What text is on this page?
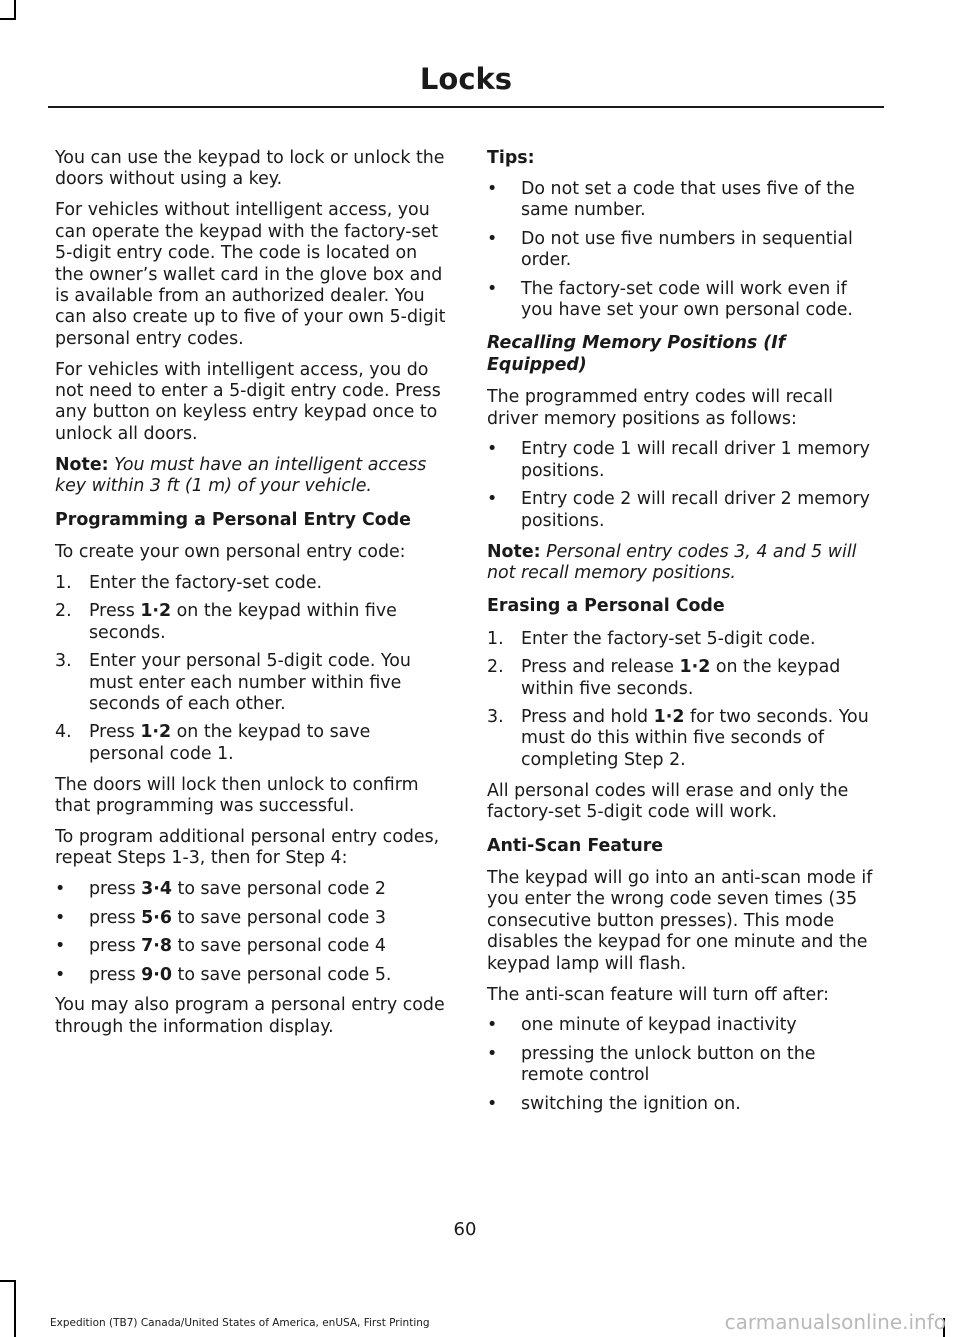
Locks

You can use the keypad to lock or unlock the doors without using a key.

For vehicles without intelligent access, you can operate the keypad with the factory-set 5-digit entry code. The code is located on the owner’s wallet card in the glove box and is available from an authorized dealer. You can also create up to five of your own 5-digit personal entry codes.

For vehicles with intelligent access, you do not need to enter a 5-digit entry code. Press any button on keyless entry keypad once to unlock all doors.

Note: You must have an intelligent access key within 3 ft (1 m) of your vehicle.

Programming a Personal Entry Code

To create your own personal entry code:

1. Enter the factory-set code.
2. Press 1·2 on the keypad within five seconds.
3. Enter your personal 5-digit code. You must enter each number within five seconds of each other.
4. Press 1·2 on the keypad to save personal code 1.

The doors will lock then unlock to confirm that programming was successful.

To program additional personal entry codes, repeat Steps 1-3, then for Step 4:

• press 3·4 to save personal code 2
• press 5·6 to save personal code 3
• press 7·8 to save personal code 4
• press 9·0 to save personal code 5.

You may also program a personal entry code through the information display.

Tips:

• Do not set a code that uses five of the same number.
• Do not use five numbers in sequential order.
• The factory-set code will work even if you have set your own personal code.
Recalling Memory Positions (If Equipped)

The programmed entry codes will recall driver memory positions as follows:

• Entry code 1 will recall driver 1 memory positions.
• Entry code 2 will recall driver 2 memory positions.

Note: Personal entry codes 3, 4 and 5 will not recall memory positions.

Erasing a Personal Code
1. Enter the factory-set 5-digit code.
2. Press and release 1·2 on the keypad within five seconds.
3. Press and hold 1·2 for two seconds. You must do this within five seconds of completing Step 2.

All personal codes will erase and only the factory-set 5-digit code will work.

Anti-Scan Feature

The keypad will go into an anti-scan mode if you enter the wrong code seven times (35 consecutive button presses). This mode disables the keypad for one minute and the keypad lamp will flash.

The anti-scan feature will turn off after:

• one minute of keypad inactivity
• pressing the unlock button on the remote control
• switching the ignition on.
60
Expedition (TB7) Canada/United States of America, enUSA, First Printing	carmanualsonline.info
